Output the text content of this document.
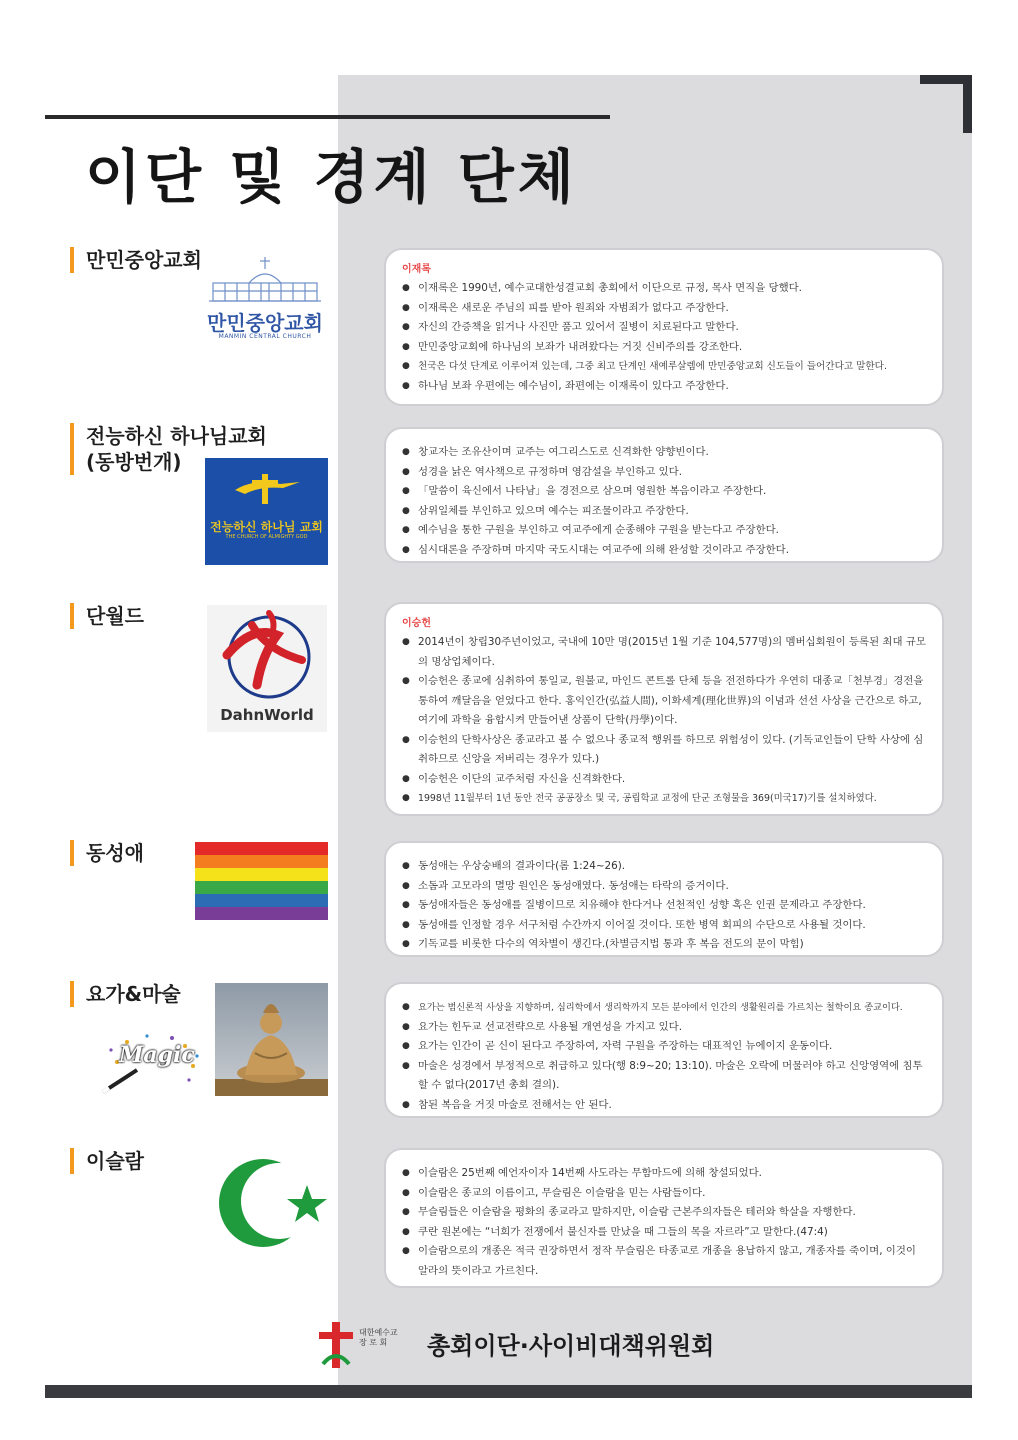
이단 및 경계 단체
만민중앙교회
만민중앙교회
MANMIN CENTRAL CHURCH
이재록
● 이재록은 1990년, 예수교대한성결교회 총회에서 이단으로 규정, 목사 면직을 당했다.
● 이재록은 새로운 주님의 피를 받아 원죄와 자범죄가 없다고 주장한다.
● 자신의 간증책을 읽거나 사진만 품고 있어서 질병이 치료된다고 말한다.
● 만민중앙교회에 하나님의 보좌가 내려왔다는 거짓 신비주의를 강조한다.
● 천국은 다섯 단계로 이루어져 있는데, 그중 최고 단계인 새예루살렘에 만민중앙교회 신도들이 들어간다고 말한다.
● 하나님 보좌 우편에는 예수님이, 좌편에는 이재록이 있다고 주장한다.
전능하신 하나님교회
(동방번개)
전능하신 하나님 교회
THE CHURCH OF ALMIGHTY GOD
● 창교자는 조유산이며 교주는 여그리스도로 신격화한 양향빈이다.
● 성경을 낡은 역사책으로 규정하며 영감설을 부인하고 있다.
● 「말씀이 육신에서 나타남」을 경전으로 삼으며 영원한 복음이라고 주장한다.
● 삼위일체를 부인하고 있으며 예수는 피조물이라고 주장한다.
● 예수님을 통한 구원을 부인하고 여교주에게 순종해야 구원을 받는다고 주장한다.
● 심시대론을 주장하며 마지막 국도시대는 여교주에 의해 완성할 것이라고 주장한다.
단월드
DahnWorld
이승헌
● 2014년이 창립30주년이었고, 국내에 10만 명(2015년 1월 기준 104,577명)의 멤버십회원이 등록된 최대 규모의 명상업체이다.
● 이승헌은 종교에 심취하여 통일교, 원불교, 마인드 콘트롤 단체 등을 전전하다가 우연히 대종교「천부경」경전을 통하여 깨달음을 얻었다고 한다. 홍익인간(弘益人間), 이화세계(理化世界)의 이념과 선선 사상을 근간으로 하고, 여기에 과학을 융합시켜 만들어낸 상품이 단학(丹學)이다.
● 이승헌의 단학사상은 종교라고 볼 수 없으나 종교적 행위를 하므로 위험성이 있다. (기독교인들이 단학 사상에 심취하므로 신앙을 저버리는 경우가 있다.)
● 이승헌은 이단의 교주처럼 자신을 신격화한다.
● 1998년 11월부터 1년 동안 전국 공공장소 및 국, 공립학교 교정에 단군 조형물을 369(미국17)기를 설치하였다.
동성애
● 동성애는 우상숭배의 결과이다(롬 1:24~26).
● 소돔과 고모라의 멸망 원인은 동성애였다. 동성애는 타락의 증거이다.
● 동성애자들은 동성애를 질병이므로 치유해야 한다거나 선천적인 성향 혹은 인권 문제라고 주장한다.
● 동성애를 인정할 경우 서구처럼 수간까지 이어질 것이다. 또한 병역 회피의 수단으로 사용될 것이다.
● 기독교를 비롯한 다수의 역차별이 생긴다.(차별금지법 통과 후 복음 전도의 문이 막힘)
요가&마술
Magic
● 요가는 범신론적 사상을 지향하며, 심리학에서 생리학까지 모든 분야에서 인간의 생활원리를 가르치는 철학이요 종교이다.
● 요가는 힌두교 선교전략으로 사용될 개연성을 가지고 있다.
● 요가는 인간이 곧 신이 된다고 주장하여, 자력 구원을 주장하는 대표적인 뉴에이지 운동이다.
● 마술은 성경에서 부정적으로 취급하고 있다(행 8:9~20; 13:10). 마술은 오락에 머물러야 하고 신앙영역에 침투할 수 없다(2017년 총회 결의).
● 참된 복음을 거짓 마술로 전해서는 안 된다.
이슬람
●	이슬람은 25번째 예언자이자 14번째 사도라는 무함마드에 의해 창설되었다.
● 이슬람은 종교의 이름이고, 무슬림은 이슬람을 믿는 사람들이다.
● 무슬림들은 이슬람을 평화의 종교라고 말하지만, 이슬람 근본주의자들은 테러와 학살을 자행한다.
● 쿠란 원본에는 “너희가 전쟁에서 불신자를 만났을 때 그들의 목을 자르라”고 말한다.(47:4)
● 이슬람으로의 개종은 적극 권장하면서 정작 무슬림은 타종교로 개종을 용납하지 않고, 개종자를 죽이며, 이것이 알라의 뜻이라고 가르친다.
대한예수교
장 로 회	총회이단·사이비대책위원회
